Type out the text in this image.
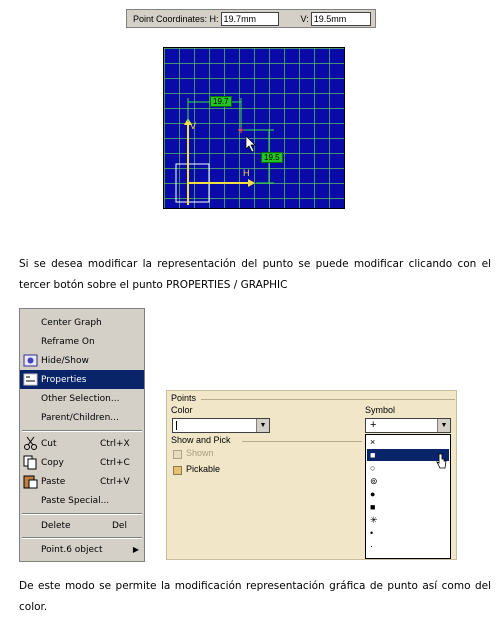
Point Coordinates: H: 19.7mm	V: 19.5mm
H
V
19.7
19.5
Si se desea modificar la representación del punto se puede modificar clicando con el tercer botón sobre el punto PROPERTIES / GRAPHIC
Center Graph
Reframe On
Hide/Show
Properties
Other Selection...
Parent/Children...
Cut	Ctrl+X
Copy	Ctrl+C
Paste	Ctrl+V
Paste Special...
Delete	Del
Point.6 object	▶
Points
Color
▼
Symbol
+	▼
Show and Pick
Shown
Pickable
×
■
○
⊚
●
■
✳
•
·
De este modo se permite la modificación representación gráfica de punto así como del color.
